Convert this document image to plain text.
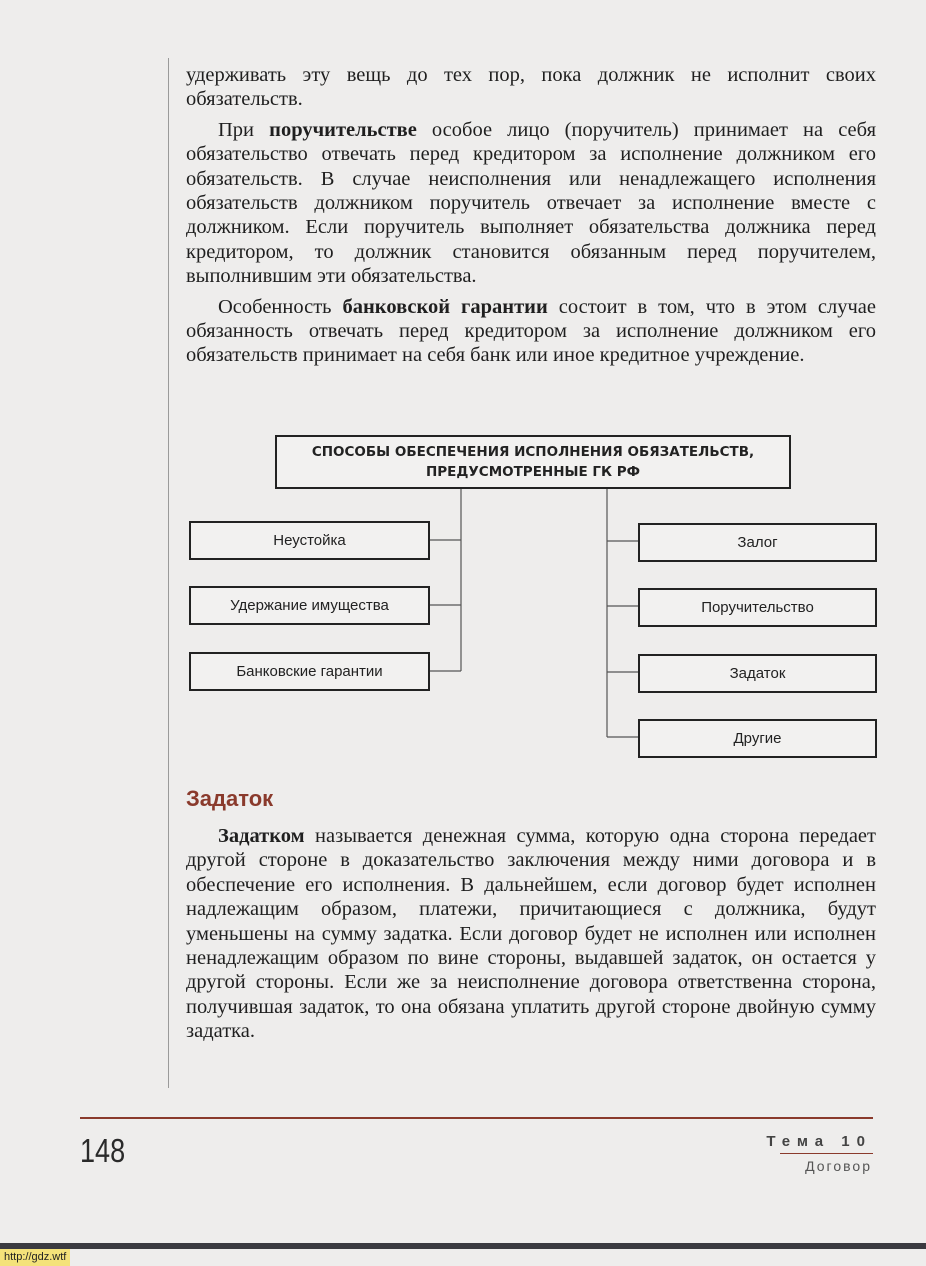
удерживать эту вещь до тех пор, пока должник не исполнит своих обязательств.

При поручительстве особое лицо (поручитель) принимает на себя обязательство отвечать перед кредитором за исполнение должником его обязательств. В случае неисполнения или ненадлежащего исполнения обязательств должником поручитель отвечает за исполнение вместе с должником. Если поручитель выполняет обязательства должника перед кредитором, то должник становится обязанным перед поручителем, выполнившим эти обязательства.

Особенность банковской гарантии состоит в том, что в этом случае обязанность отвечать перед кредитором за исполнение должником его обязательств принимает на себя банк или иное кредитное учреждение.

СПОСОБЫ ОБЕСПЕЧЕНИЯ ИСПОЛНЕНИЯ ОБЯЗАТЕЛЬСТВ,
ПРЕДУСМОТРЕННЫЕ ГК РФ
Неустойка
Удержание имущества
Банковские гарантии
Залог
Поручительство
Задаток
Другие
Задаток

Задатком называется денежная сумма, которую одна сторона передает другой стороне в доказательство заключения между ними договора и в обеспечение его исполнения. В дальнейшем, если договор будет исполнен надлежащим образом, платежи, причитающиеся с должника, будут уменьшены на сумму задатка. Если договор будет не исполнен или исполнен ненадлежащим образом по вине стороны, выдавшей задаток, он остается у другой стороны. Если же за неисполнение договора ответственна сторона, получившая задаток, то она обязана уплатить другой стороне двойную сумму задатка.

148	Тема 10
Договор
http://gdz.wtf
